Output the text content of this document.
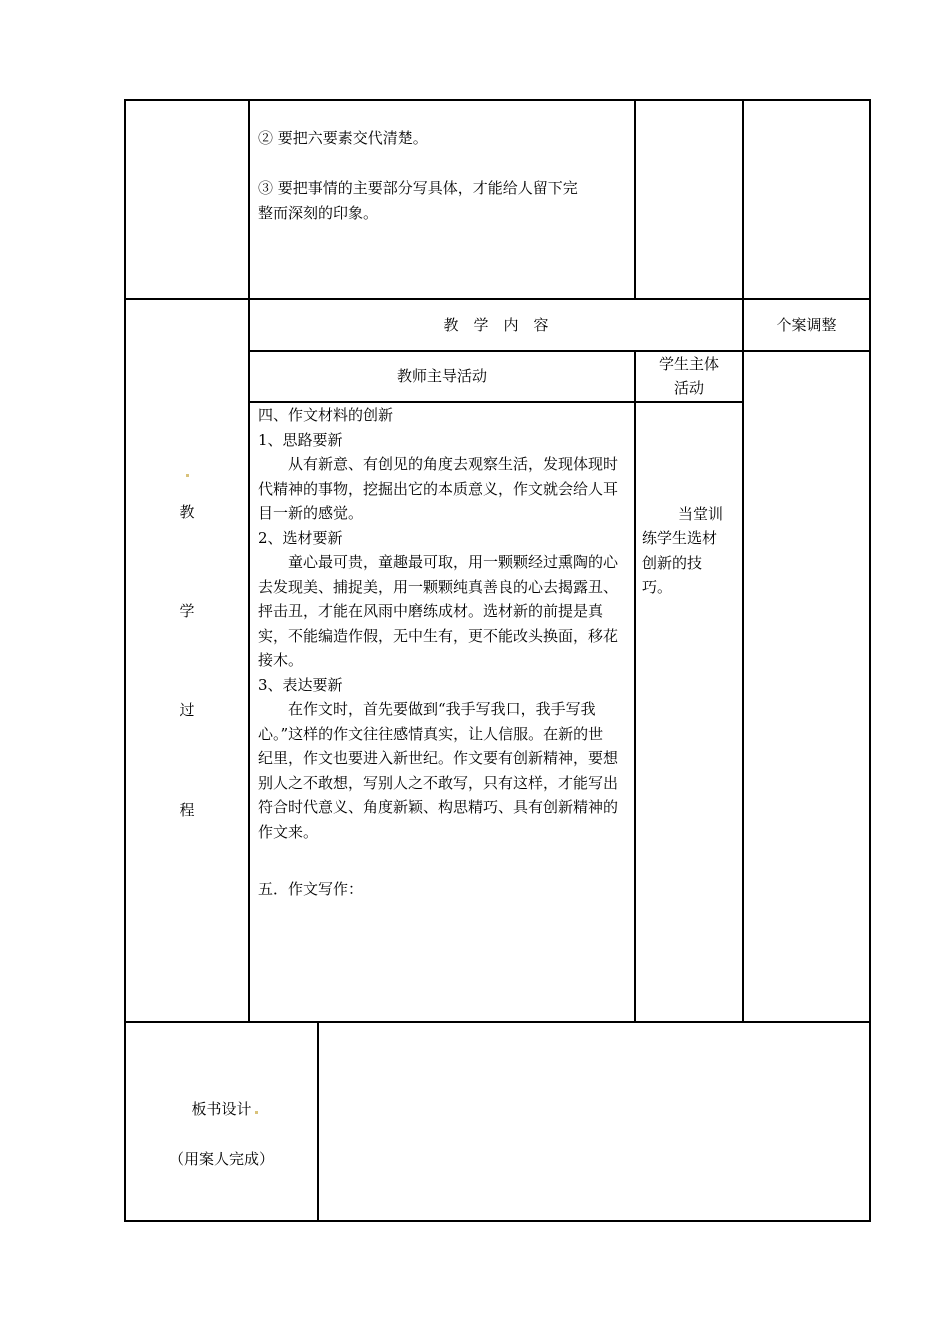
② 要把六要素交代清楚。
③ 要把事情的主要部分写具体，才能给人留下完
整而深刻的印象。
教　学　内　容	个案调整
教师主导活动
学生主体
活动
教
学
过
程

四、作文材料的创新

1、思路要新

从有新意、有创见的角度去观察生活，发现体现时代精神的事物，挖掘出它的本质意义，作文就会给人耳目一新的感觉。

2、选材要新

童心最可贵，童趣最可取，用一颗颗经过熏陶的心去发现美、捕捉美，用一颗颗纯真善良的心去揭露丑、抨击丑，才能在风雨中磨练成材。选材新的前提是真实，不能编造作假，无中生有，更不能改头换面，移花接木。

3、表达要新

在作文时，首先要做到“我手写我口，我手写我心。”这样的作文往往感情真实，让人信服。在新的世纪里，作文也要进入新世纪。作文要有创新精神，要想别人之不敢想，写别人之不敢写，只有这样，才能写出符合时代意义、角度新颖、构思精巧、具有创新精神的作文来。

五．作文写作：
当堂训
练学生选材
创新的技
巧。
板书设计
（用案人完成）
